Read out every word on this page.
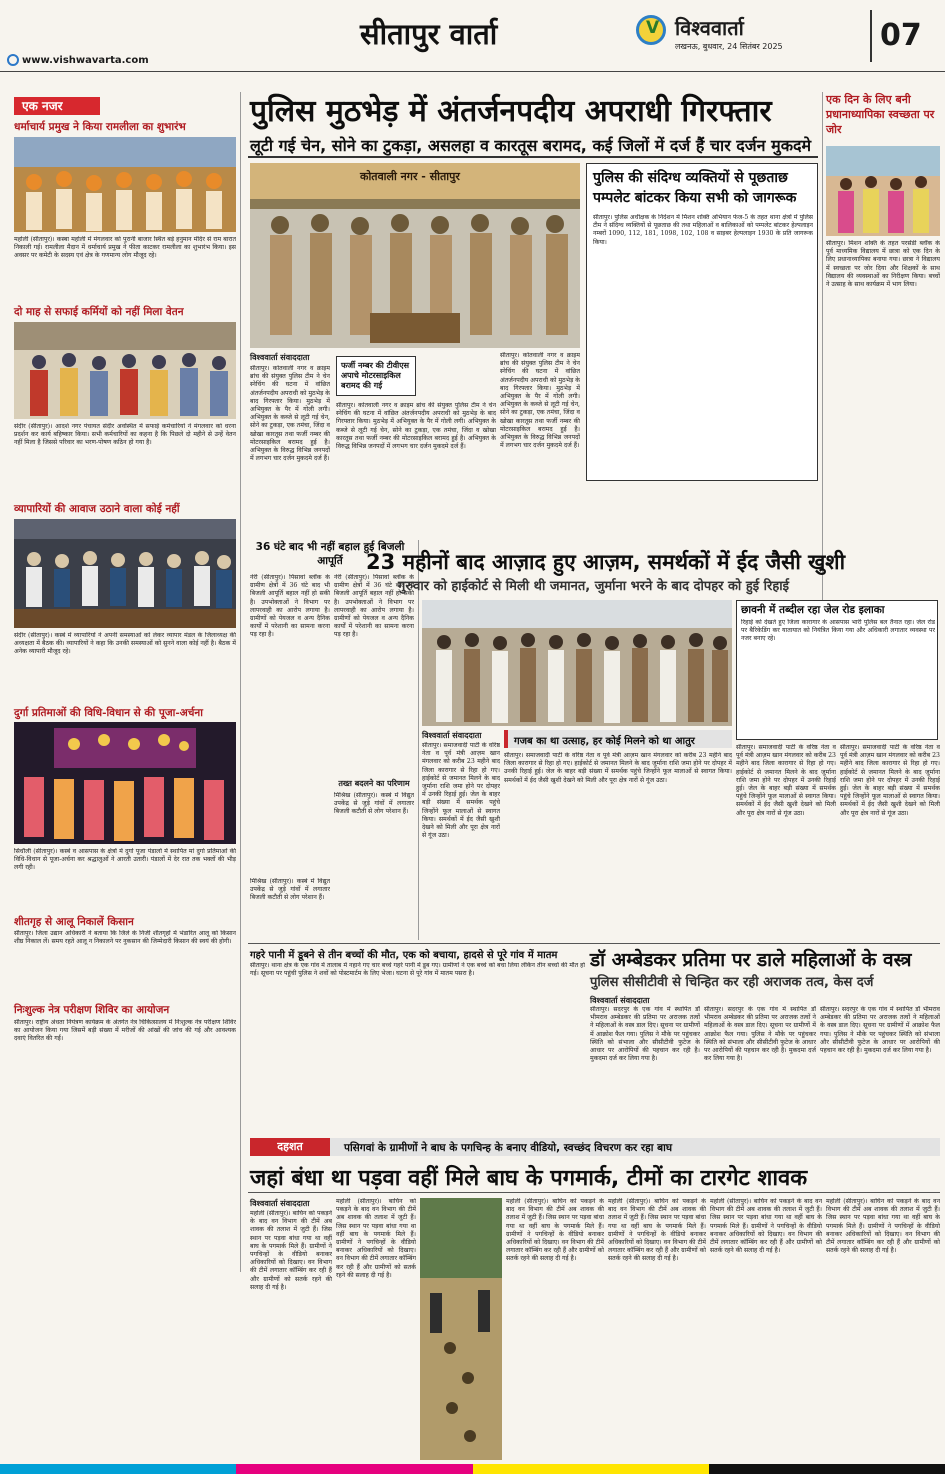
सीतापुर वार्ता	V विश्ववार्ता
लखनऊ, बुधवार, 24 सितंबर 2025	07
www.vishwavarta.com
एक नजर
धर्माचार्य प्रमुख ने किया रामलीला का शुभारंभ
महोली (सीतापुर)। कस्बा महोली में मंगलवार को पुरानी बाजार स्थित बड़े हनुमान मंदिर से राम बारात निकाली गई। रामलीला मैदान में धर्माचार्य प्रमुख ने फीता काटकर रामलीला का शुभारंभ किया। इस अवसर पर कमेटी के सदस्य एवं क्षेत्र के गणमान्य लोग मौजूद रहे।
दो माह से सफाई कर्मियों को नहीं मिला वेतन
संदीर (सीतापुर)। आदर्श नगर पंचायत संदीर अवस्थित में सफाई कर्मचारियों ने मंगलवार को धरना प्रदर्शन कर कार्य बहिष्कार किया। सभी कर्मचारियों का कहना है कि पिछले दो महीने से उन्हें वेतन नहीं मिला है जिससे परिवार का भरण-पोषण कठिन हो गया है।
व्यापारियों की आवाज उठाने वाला कोई नहीं
संदीर (सीतापुर)। कस्बे में व्यापारियों ने अपनी समस्याओं को लेकर व्यापार मंडल के जिलाध्यक्ष की अध्यक्षता में बैठक की। व्यापारियों ने कहा कि उनकी समस्याओं को सुनने वाला कोई नहीं है। बैठक में अनेक व्यापारी मौजूद रहे।
दुर्गा प्रतिमाओं की विधि-विधान से की पूजा-अर्चना
सिधौली (सीतापुर)। कस्बे व आसपास के क्षेत्रों में दुर्गा पूजा पंडालों में स्थापित मां दुर्गा प्रतिमाओं की विधि-विधान से पूजा-अर्चना कर श्रद्धालुओं ने आरती उतारी। पंडालों में देर रात तक भक्तों की भीड़ लगी रही।
शीतगृह से आलू निकालें किसान
सीतापुर। जिला उद्यान अधिकारी ने बताया कि जिले के निजी शीतगृहों में भंडारित आलू को किसान शीघ्र निकाल लें। समय रहते आलू न निकालने पर नुकसान की जिम्मेदारी किसान की स्वयं की होगी।
निःशुल्क नेत्र परीक्षण शिविर का आयोजन
सीतापुर। राष्ट्रीय अंधता नियंत्रण कार्यक्रम के अंतर्गत नेत्र चिकित्सालय में निःशुल्क नेत्र परीक्षण शिविर का आयोजन किया गया जिसमें बड़ी संख्या में मरीजों की आंखों की जांच की गई और आवश्यक दवाएं वितरित की गईं।
पुलिस मुठभेड़ में अंतर्जनपदीय अपराधी गिरफ्तार
लूटी गई चेन, सोने का टुकड़ा, असलहा व कारतूस बरामद, कई जिलों में दर्ज हैं चार दर्जन मुकदमे
कोतवाली नगर - सीतापुर	पुलिस की संदिग्ध व्यक्तियों से पूछताछ पम्पलेट बांटकर किया सभी को जागरूक
सीतापुर। पुलिस अधीक्षक के निर्देशन में मिशन शक्ति अभियान फेज-5 के तहत थाना क्षेत्रों में पुलिस टीम ने संदिग्ध व्यक्तियों से पूछताछ की तथा महिलाओं व बालिकाओं को पम्पलेट बांटकर हेल्पलाइन नम्बरों 1090, 112, 181, 1098, 102, 108 व साइबर हेल्पलाइन 1930 के प्रति जागरूक किया।
विश्ववार्ता संवाददाता
सीतापुर। कोतवाली नगर व क्राइम ब्रांच की संयुक्त पुलिस टीम ने चेन स्नेचिंग की घटना में वांछित अंतर्जनपदीय अपराधी को मुठभेड़ के बाद गिरफ्तार किया। मुठभेड़ में अभियुक्त के पैर में गोली लगी। अभियुक्त के कब्जे से लूटी गई चेन, सोने का टुकड़ा, एक तमंचा, जिंदा व खोखा कारतूस तथा फर्जी नम्बर की मोटरसाइकिल बरामद हुई है। अभियुक्त के विरुद्ध विभिन्न जनपदों में लगभग चार दर्जन मुकदमे दर्ज हैं।
फर्जी नम्बर की टीवीएस अपाचे मोटरसाइकिल बरामद की गई
सीतापुर। कोतवाली नगर व क्राइम ब्रांच की संयुक्त पुलिस टीम ने चेन स्नेचिंग की घटना में वांछित अंतर्जनपदीय अपराधी को मुठभेड़ के बाद गिरफ्तार किया। मुठभेड़ में अभियुक्त के पैर में गोली लगी। अभियुक्त के कब्जे से लूटी गई चेन, सोने का टुकड़ा, एक तमंचा, जिंदा व खोखा कारतूस तथा फर्जी नम्बर की मोटरसाइकिल बरामद हुई है। अभियुक्त के विरुद्ध विभिन्न जनपदों में लगभग चार दर्जन मुकदमे दर्ज हैं।
सीतापुर। कोतवाली नगर व क्राइम ब्रांच की संयुक्त पुलिस टीम ने चेन स्नेचिंग की घटना में वांछित अंतर्जनपदीय अपराधी को मुठभेड़ के बाद गिरफ्तार किया। मुठभेड़ में अभियुक्त के पैर में गोली लगी। अभियुक्त के कब्जे से लूटी गई चेन, सोने का टुकड़ा, एक तमंचा, जिंदा व खोखा कारतूस तथा फर्जी नम्बर की मोटरसाइकिल बरामद हुई है। अभियुक्त के विरुद्ध विभिन्न जनपदों में लगभग चार दर्जन मुकदमे दर्ज हैं।
एक दिन के लिए बनी प्रधानाध्यापिका स्वच्छता पर जोर
सीतापुर। मिशन शक्ति के तहत परसेंडी ब्लॉक के पूर्व माध्यमिक विद्यालय में छात्रा को एक दिन के लिए प्रधानाध्यापिका बनाया गया। छात्रा ने विद्यालय में स्वच्छता पर जोर दिया और शिक्षकों के साथ विद्यालय की व्यवस्थाओं का निरीक्षण किया। बच्चों ने उत्साह के साथ कार्यक्रम में भाग लिया।
36 घंटे बाद भी नहीं बहाल हुई बिजली आपूर्ति
नेरी (सीतापुर)। पिसावां ब्लॉक के ग्रामीण क्षेत्रों में 36 घंटे बाद भी बिजली आपूर्ति बहाल नहीं हो सकी है। उपभोक्ताओं ने विभाग पर लापरवाही का आरोप लगाया है। ग्रामीणों को पेयजल व अन्य दैनिक कार्यों में परेशानी का सामना करना पड़ रहा है।
नेरी (सीतापुर)। पिसावां ब्लॉक के ग्रामीण क्षेत्रों में 36 घंटे बाद भी बिजली आपूर्ति बहाल नहीं हो सकी है। उपभोक्ताओं ने विभाग पर लापरवाही का आरोप लगाया है। ग्रामीणों को पेयजल व अन्य दैनिक कार्यों में परेशानी का सामना करना पड़ रहा है।
तख्त बदलने का परिणाम
मिश्रिख (सीतापुर)। कस्बे में विद्युत उपकेंद्र से जुड़े गांवों में लगातार बिजली कटौती से लोग परेशान हैं।
मिश्रिख (सीतापुर)। कस्बे में विद्युत उपकेंद्र से जुड़े गांवों में लगातार बिजली कटौती से लोग परेशान हैं।
23 महीनों बाद आज़ाद हुए आज़म, समर्थकों में ईद जैसी खुशी
गुरुवार को हाईकोर्ट से मिली थी जमानत, जुर्माना भरने के बाद दोपहर को हुई रिहाई
छावनी में तब्दील रहा जेल रोड इलाका
रिहाई को देखते हुए जिला कारागार के आसपास भारी पुलिस बल तैनात रहा। जेल रोड पर बैरिकेडिंग कर यातायात को नियंत्रित किया गया और अधिकारी लगातार व्यवस्था पर नजर बनाए रहे।
विश्ववार्ता संवाददाता
सीतापुर। समाजवादी पार्टी के वरिष्ठ नेता व पूर्व मंत्री आज़म खान मंगलवार को करीब 23 महीने बाद जिला कारागार से रिहा हो गए। हाईकोर्ट से जमानत मिलने के बाद जुर्माना राशि जमा होने पर दोपहर में उनकी रिहाई हुई। जेल के बाहर बड़ी संख्या में समर्थक पहुंचे जिन्होंने फूल मालाओं से स्वागत किया। समर्थकों में ईद जैसी खुशी देखने को मिली और पूरा क्षेत्र नारों से गूंज उठा।
गजब का था उत्साह, हर कोई मिलने को था आतुर
सीतापुर। समाजवादी पार्टी के वरिष्ठ नेता व पूर्व मंत्री आज़म खान मंगलवार को करीब 23 महीने बाद जिला कारागार से रिहा हो गए। हाईकोर्ट से जमानत मिलने के बाद जुर्माना राशि जमा होने पर दोपहर में उनकी रिहाई हुई। जेल के बाहर बड़ी संख्या में समर्थक पहुंचे जिन्होंने फूल मालाओं से स्वागत किया। समर्थकों में ईद जैसी खुशी देखने को मिली और पूरा क्षेत्र नारों से गूंज उठा।
सीतापुर। समाजवादी पार्टी के वरिष्ठ नेता व पूर्व मंत्री आज़म खान मंगलवार को करीब 23 महीने बाद जिला कारागार से रिहा हो गए। हाईकोर्ट से जमानत मिलने के बाद जुर्माना राशि जमा होने पर दोपहर में उनकी रिहाई हुई। जेल के बाहर बड़ी संख्या में समर्थक पहुंचे जिन्होंने फूल मालाओं से स्वागत किया। समर्थकों में ईद जैसी खुशी देखने को मिली और पूरा क्षेत्र नारों से गूंज उठा।
सीतापुर। समाजवादी पार्टी के वरिष्ठ नेता व पूर्व मंत्री आज़म खान मंगलवार को करीब 23 महीने बाद जिला कारागार से रिहा हो गए। हाईकोर्ट से जमानत मिलने के बाद जुर्माना राशि जमा होने पर दोपहर में उनकी रिहाई हुई। जेल के बाहर बड़ी संख्या में समर्थक पहुंचे जिन्होंने फूल मालाओं से स्वागत किया। समर्थकों में ईद जैसी खुशी देखने को मिली और पूरा क्षेत्र नारों से गूंज उठा।
गहरे पानी में डूबने से तीन बच्चों की मौत, एक को बचाया, हादसे से पूरे गांव में मातम
सीतापुर। थाना क्षेत्र के एक गांव में तालाब में नहाने गए चार बच्चे गहरे पानी में डूब गए। ग्रामीणों ने एक बच्चे को बचा लिया लेकिन तीन बच्चों की मौत हो गई। सूचना पर पहुंची पुलिस ने शवों को पोस्टमार्टम के लिए भेजा। घटना से पूरे गांव में मातम पसरा है।
डॉ अम्बेडकर प्रतिमा पर डाले महिलाओं के वस्त्र
पुलिस सीसीटीवी से चिन्हित कर रही अराजक तत्व, केस दर्ज
विश्ववार्ता संवाददाता
सीतापुर। सदरपुर के एक गांव में स्थापित डॉ भीमराव अम्बेडकर की प्रतिमा पर अराजक तत्वों ने महिलाओं के वस्त्र डाल दिए। सूचना पर ग्रामीणों में आक्रोश फैल गया। पुलिस ने मौके पर पहुंचकर स्थिति को संभाला और सीसीटीवी फुटेज के आधार पर आरोपियों की पहचान कर रही है। मुकदमा दर्ज कर लिया गया है।
सीतापुर। सदरपुर के एक गांव में स्थापित डॉ भीमराव अम्बेडकर की प्रतिमा पर अराजक तत्वों ने महिलाओं के वस्त्र डाल दिए। सूचना पर ग्रामीणों में आक्रोश फैल गया। पुलिस ने मौके पर पहुंचकर स्थिति को संभाला और सीसीटीवी फुटेज के आधार पर आरोपियों की पहचान कर रही है। मुकदमा दर्ज कर लिया गया है।
सीतापुर। सदरपुर के एक गांव में स्थापित डॉ भीमराव अम्बेडकर की प्रतिमा पर अराजक तत्वों ने महिलाओं के वस्त्र डाल दिए। सूचना पर ग्रामीणों में आक्रोश फैल गया। पुलिस ने मौके पर पहुंचकर स्थिति को संभाला और सीसीटीवी फुटेज के आधार पर आरोपियों की पहचान कर रही है। मुकदमा दर्ज कर लिया गया है।
दहशत	पसिगवां के ग्रामीणों ने बाघ के पगचिन्ह के बनाए वीडियो, स्वच्छंद विचरण कर रहा बाघ
जहां बंधा था पड़वा वहीं मिले बाघ के पगमार्क, टीमों का टारगेट शावक
विश्ववार्ता संवाददाता
महोली (सीतापुर)। बाघिन को पकड़ने के बाद वन विभाग की टीमें अब शावक की तलाश में जुटी हैं। जिस स्थान पर पड़वा बांधा गया था वहीं बाघ के पगमार्क मिले हैं। ग्रामीणों ने पगचिन्हों के वीडियो बनाकर अधिकारियों को दिखाए। वन विभाग की टीमें लगातार कॉम्बिंग कर रही हैं और ग्रामीणों को सतर्क रहने की सलाह दी गई है।
महोली (सीतापुर)। बाघिन को पकड़ने के बाद वन विभाग की टीमें अब शावक की तलाश में जुटी हैं। जिस स्थान पर पड़वा बांधा गया था वहीं बाघ के पगमार्क मिले हैं। ग्रामीणों ने पगचिन्हों के वीडियो बनाकर अधिकारियों को दिखाए। वन विभाग की टीमें लगातार कॉम्बिंग कर रही हैं और ग्रामीणों को सतर्क रहने की सलाह दी गई है।
महोली (सीतापुर)। बाघिन को पकड़ने के बाद वन विभाग की टीमें अब शावक की तलाश में जुटी हैं। जिस स्थान पर पड़वा बांधा गया था वहीं बाघ के पगमार्क मिले हैं। ग्रामीणों ने पगचिन्हों के वीडियो बनाकर अधिकारियों को दिखाए। वन विभाग की टीमें लगातार कॉम्बिंग कर रही हैं और ग्रामीणों को सतर्क रहने की सलाह दी गई है।
महोली (सीतापुर)। बाघिन को पकड़ने के बाद वन विभाग की टीमें अब शावक की तलाश में जुटी हैं। जिस स्थान पर पड़वा बांधा गया था वहीं बाघ के पगमार्क मिले हैं। ग्रामीणों ने पगचिन्हों के वीडियो बनाकर अधिकारियों को दिखाए। वन विभाग की टीमें लगातार कॉम्बिंग कर रही हैं और ग्रामीणों को सतर्क रहने की सलाह दी गई है।
महोली (सीतापुर)। बाघिन को पकड़ने के बाद वन विभाग की टीमें अब शावक की तलाश में जुटी हैं। जिस स्थान पर पड़वा बांधा गया था वहीं बाघ के पगमार्क मिले हैं। ग्रामीणों ने पगचिन्हों के वीडियो बनाकर अधिकारियों को दिखाए। वन विभाग की टीमें लगातार कॉम्बिंग कर रही हैं और ग्रामीणों को सतर्क रहने की सलाह दी गई है।
महोली (सीतापुर)। बाघिन को पकड़ने के बाद वन विभाग की टीमें अब शावक की तलाश में जुटी हैं। जिस स्थान पर पड़वा बांधा गया था वहीं बाघ के पगमार्क मिले हैं। ग्रामीणों ने पगचिन्हों के वीडियो बनाकर अधिकारियों को दिखाए। वन विभाग की टीमें लगातार कॉम्बिंग कर रही हैं और ग्रामीणों को सतर्क रहने की सलाह दी गई है।
